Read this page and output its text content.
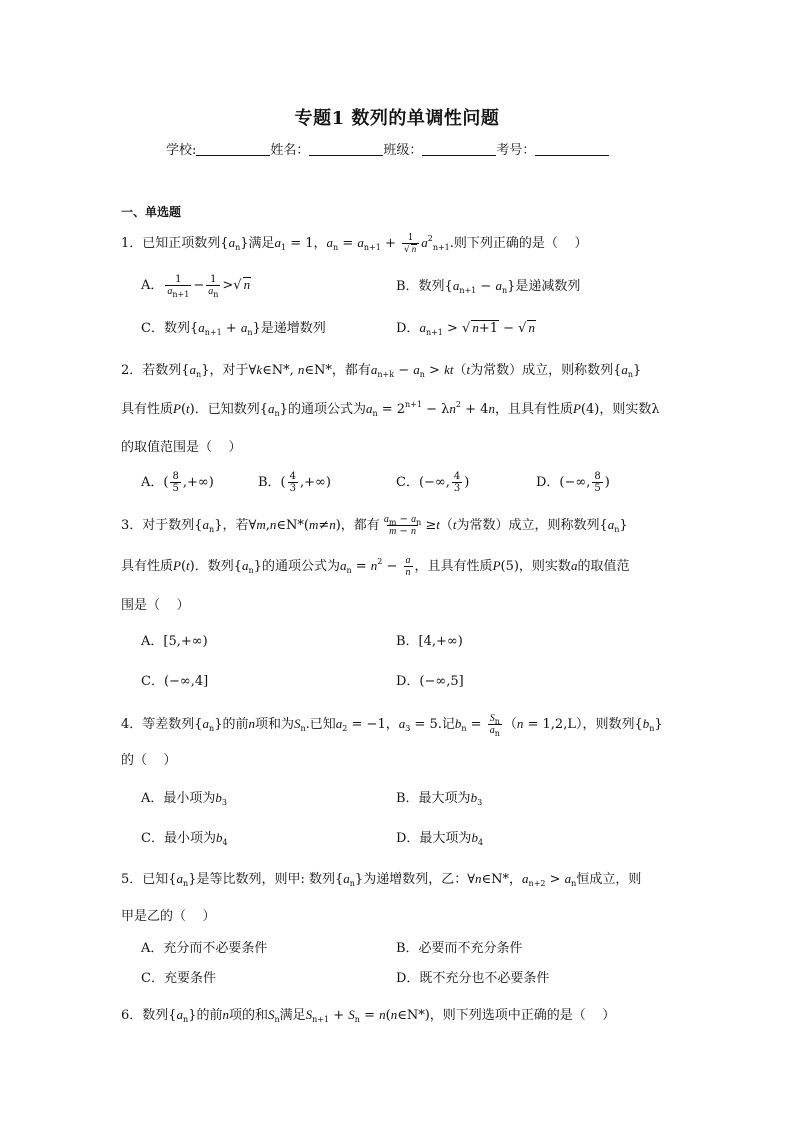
专题1 数列的单调性问题
学校:	姓名：	班级：	考号：
一、单选题
1．已知正项数列$\{a_n\}$满足$a_1 = 1$，$a_n = a_{n+1} + \frac{1}{√ n} a^2_{n+1}$.则下列正确的是（    ）
A． $\frac{1}{a_{n+1}} - \frac{1}{a_n}$ >√ n	B．数列$\{a_{n+1} - a_n\}$是递减数列
C．数列$\{a_{n+1} + a_n\}$是递增数列	D．$a_{n+1}$ > √ n+1 − √ n
2．若数列$\{a_n\}$，对于∀k∈N*, n∈N*，都有$a_{n+k} - a_n > kt(t$为常数）成立，则称数列$\{a_n\}$
具有性质P(t)．已知数列$\{a_n\}$的通项公式为$a_n = 2^{n+1} - \lambda n^2 + 4n$，且具有性质P(4)，则实数λ
的取值范围是（    ）
A．( $\frac{8}{5}$ ,+∞)	B．( $\frac{4}{3}$ ,+∞)	C．(−∞, $\frac{4}{3}$ )	D．(−∞, $\frac{8}{5}$ )
3．对于数列$\{a_n\}$，若∀m,n∈N*(m≠n)，都有 $\frac{a_m - a_n}{m - n} \ge t(t$为常数）成立，则称数列$\{a_n\}$
具有性质P(t)．数列$\{a_n\}$的通项公式为$a_n = n^2 - \frac{a}{n}$ ，且具有性质P(5)，则实数a的取值范
围是（    ）
A．[5,+∞)	B．[4,+∞)
C．(−∞,4]	D．(−∞,5]
4．等差数列$\{a_n\}$的前n项和为$S_n$.已知$a_2 = -1$，$a_3 = 5$.记$b_n = \frac{S_n}{a_n} (n = 1,2,L)$，则数列$\{b_n\}$
的（    ）
A．最小项为$b_3$	B．最大项为$b_3$
C．最小项为$b_4$	D．最大项为$b_4$
5．已知$\{a_n\}$是等比数列，则甲: 数列$\{a_n\}$为递增数列，乙：∀n∈N*，$a_{n+2} > a_n$恒成立，则
甲是乙的（    ）
A．充分而不必要条件	B．必要而不充分条件
C．充要条件	D．既不充分也不必要条件
6．数列$\{a_n\}$的前n项的和$S_n$满足$S_{n+1} + S_n$ = n(n∈N*)，则下列选项中正确的是（    ）
